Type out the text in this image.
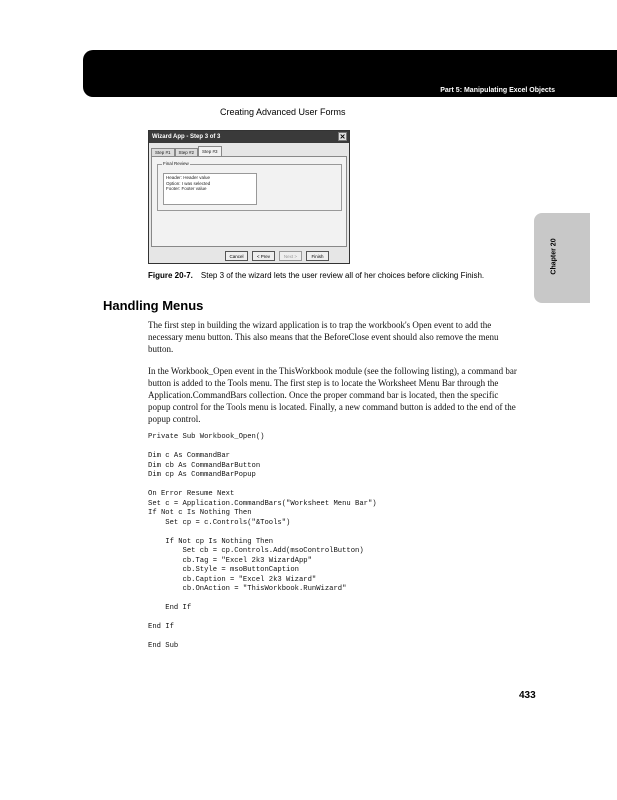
Part 5: Manipulating Excel Objects
Chapter 20
Creating Advanced User Forms
Wizard App - Step 3 of 3	✕
Step #1	Step #2	Step #3
Final Review
Header: Header value
Option: I was selected
Footer: Footer value
Cancel	< Prev	Next >	Finish
Figure 20-7. Step 3 of the wizard lets the user review all of her choices before clicking Finish.
Handling Menus
The first step in building the wizard application is to trap the workbook's Open event to add the necessary menu button. This also means that the BeforeClose event should also remove the menu button.
In the Workbook_Open event in the ThisWorkbook module (see the following listing), a command bar button is added to the Tools menu. The first step is to locate the Worksheet Menu Bar through the Application.CommandBars collection. Once the proper command bar is located, then the specific popup control for the Tools menu is located. Finally, a new command button is added to the end of the popup control.
Private Sub Workbook_Open()

Dim c As CommandBar
Dim cb As CommandBarButton
Dim cp As CommandBarPopup

On Error Resume Next
Set c = Application.CommandBars("Worksheet Menu Bar")
If Not c Is Nothing Then
Set cp = c.Controls("&Tools")

If Not cp Is Nothing Then
Set cb = cp.Controls.Add(msoControlButton)
cb.Tag = "Excel 2k3 WizardApp"
cb.Style = msoButtonCaption
cb.Caption = "Excel 2k3 Wizard"
cb.OnAction = "ThisWorkbook.RunWizard"

End If

End If

End Sub
433
